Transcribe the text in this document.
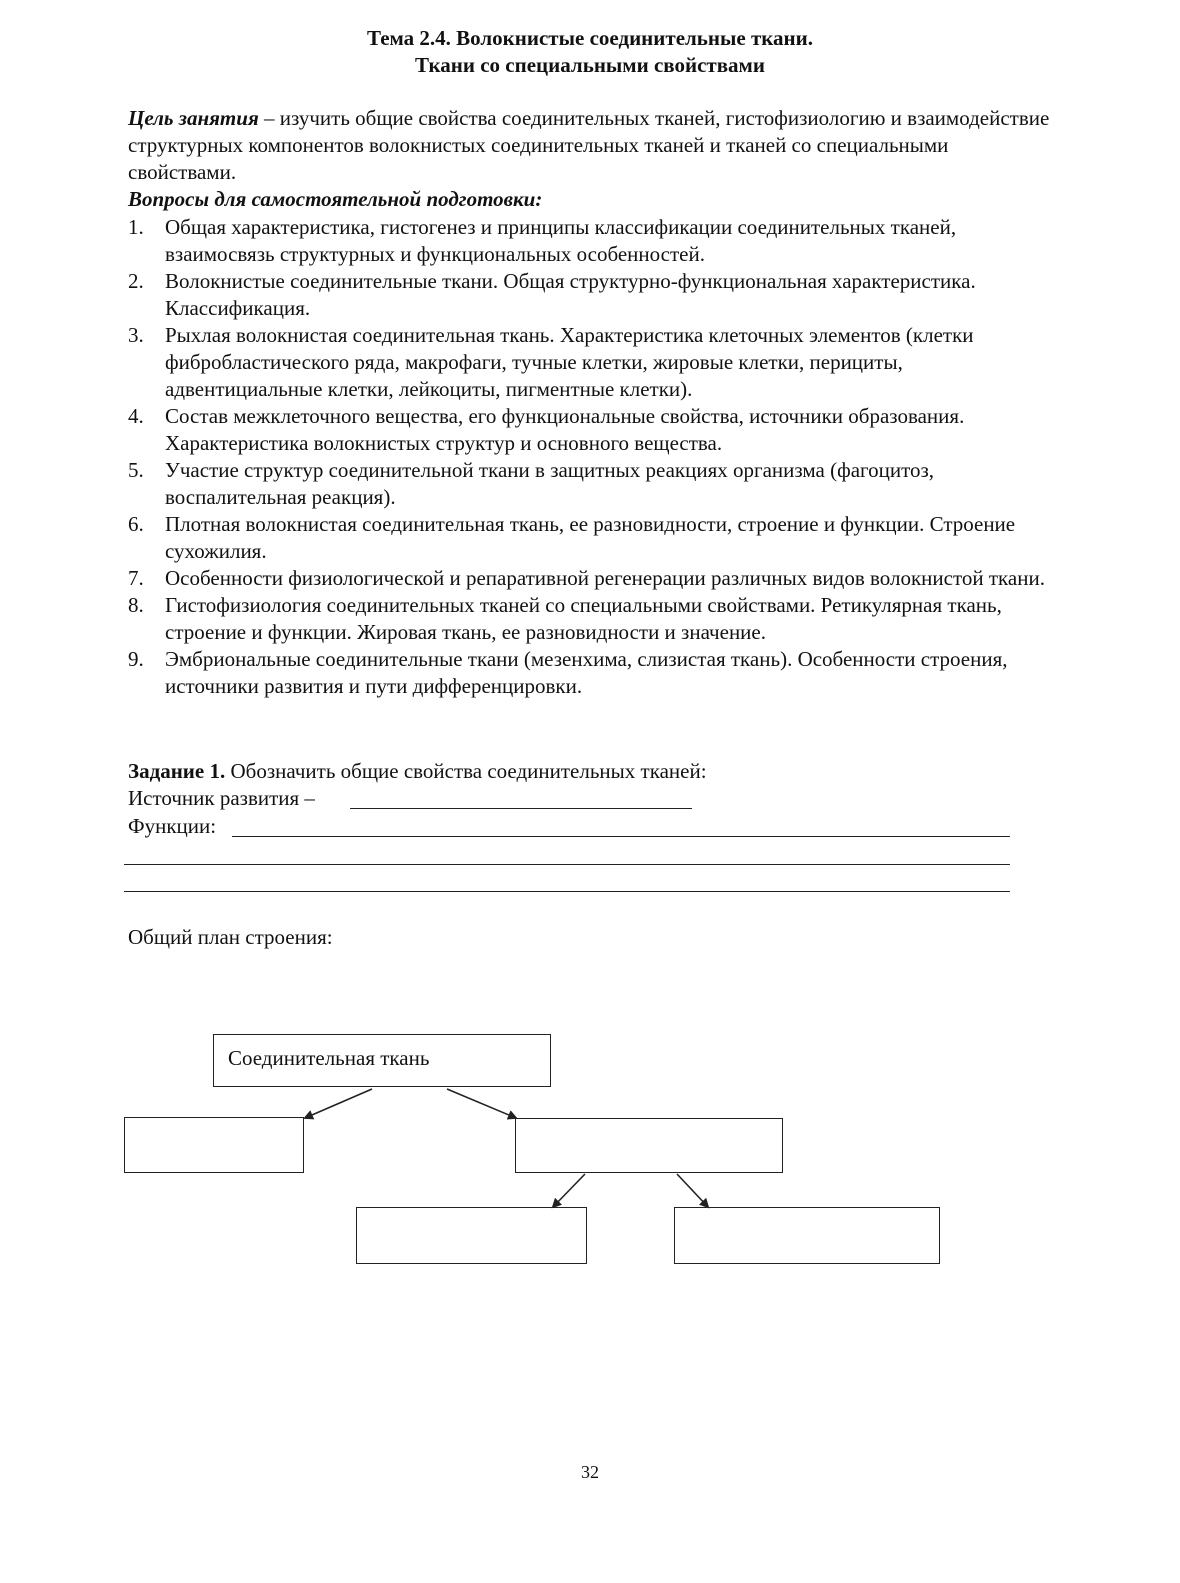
Тема 2.4. Волокнистые соединительные ткани.
Ткани со специальными свойствами
Цель занятия – изучить общие свойства соединительных тканей, гистофизиологию и взаимодействие структурных компонентов волокнистых соединительных тканей и тканей со специальными свойствами.
Вопросы для самостоятельной подготовки:
1. Общая характеристика, гистогенез и принципы классификации соединительных тканей, взаимосвязь структурных и функциональных особенностей.
2. Волокнистые соединительные ткани. Общая структурно-функциональная характеристика. Классификация.
3. Рыхлая волокнистая соединительная ткань. Характеристика клеточных элементов (клетки фибробластического ряда, макрофаги, тучные клетки, жировые клетки, перициты, адвентициальные клетки, лейкоциты, пигментные клетки).
4. Состав межклеточного вещества, его функциональные свойства, источники образования. Характеристика волокнистых структур и основного вещества.
5. Участие структур соединительной ткани в защитных реакциях организма (фагоцитоз, воспалительная реакция).
6. Плотная волокнистая соединительная ткань, ее разновидности, строение и функции. Строение сухожилия.
7. Особенности физиологической и репаративной регенерации различных видов волокнистой ткани.
8. Гистофизиология соединительных тканей со специальными свойствами. Ретикулярная ткань, строение и функции. Жировая ткань, ее разновидности и значение.
9. Эмбриональные соединительные ткани (мезенхима, слизистая ткань). Особенности строения, источники развития и пути дифференцировки.
Задание 1. Обозначить общие свойства соединительных тканей:
Источник развития –
Функции:
Общий план строения:
Соединительная ткань
32
